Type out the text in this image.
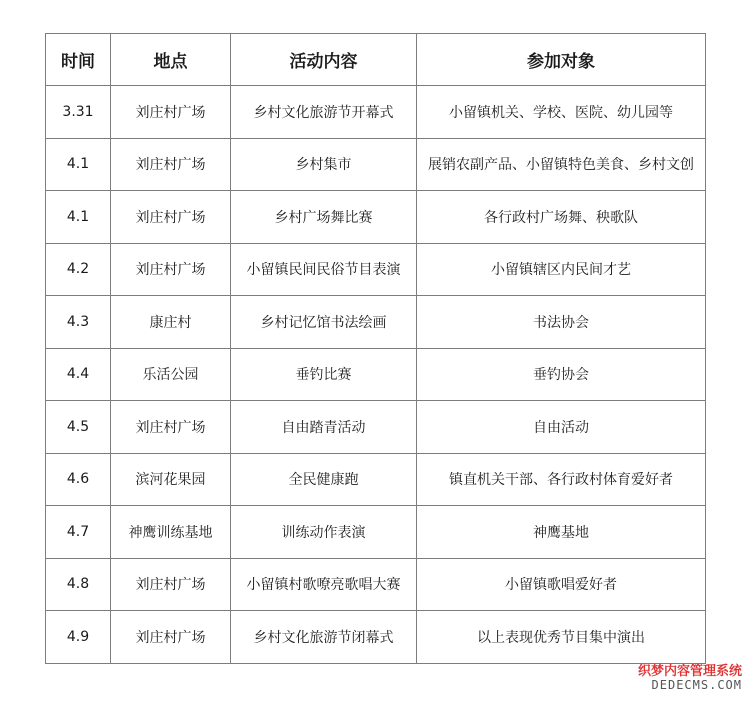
时间	地点	活动内容	参加对象
3.31	刘庄村广场	乡村文化旅游节开幕式	小留镇机关、学校、医院、幼儿园等
4.1	刘庄村广场	乡村集市	展销农副产品、小留镇特色美食、乡村文创
4.1	刘庄村广场	乡村广场舞比赛	各行政村广场舞、秧歌队
4.2	刘庄村广场	小留镇民间民俗节目表演	小留镇辖区内民间才艺
4.3	康庄村	乡村记忆馆书法绘画	书法协会
4.4	乐活公园	垂钓比赛	垂钓协会
4.5	刘庄村广场	自由踏青活动	自由活动
4.6	滨河花果园	全民健康跑	镇直机关干部、各行政村体育爱好者
4.7	神鹰训练基地	训练动作表演	神鹰基地
4.8	刘庄村广场	小留镇村歌嘹亮歌唱大赛	小留镇歌唱爱好者
4.9	刘庄村广场	乡村文化旅游节闭幕式	以上表现优秀节目集中演出
织梦内容管理系统
DEDECMS.COM
